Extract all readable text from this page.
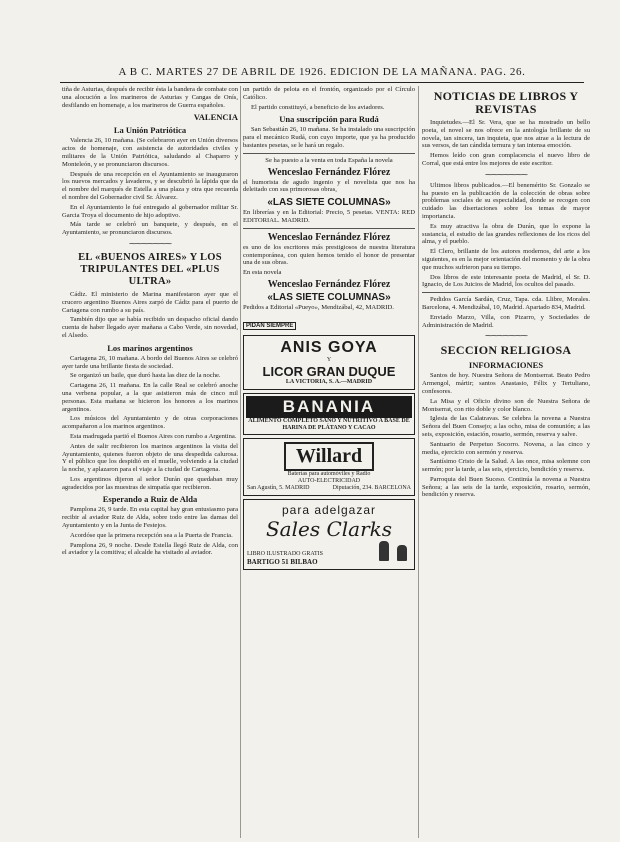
A B C. MARTES 27 DE ABRIL DE 1926. EDICION DE LA MAÑANA. PAG. 26.

tiña de Asturias, después de recibir ésta la bandera de combate con una alocución a los marineros de Asturias y Cangas de Onís, desfilando en homenaje, a los marineros de Guerra españoles.

VALENCIA
La Unión Patriótica

Valencia 26, 10 mañana. (Se celebraron ayer en Unión diversos actos de homenaje, con asistencia de autoridades civiles y militares de la Unión Patriótica, saludando al Chaparro y Monteleón, y se pronunciaron discursos.

Después de una recepción en el Ayuntamiento se inauguraron los nuevos mercados y lavaderos, y se descubrió la lápida que da el nombre del marqués de Estella a una plaza y otra que recuerda el nombre del Gobernador civil Sr. Álvarez.

En el Ayuntamiento le fué entregado al gobernador militar Sr. Garcia Troya el documento de hijo adoptivo.

Más tarde se celebró un banquete, y después, en el Ayuntamiento, se pronunciaron discursos.

⁓⁓⁓⁓⁓⁓⁓
EL «BUENOS AIRES» Y LOS TRIPULANTES DEL «PLUS ULTRA»

Cádiz. El ministerio de Marina manifestaron ayer que el crucero argentino Buenos Aires zarpó de Cádiz para el puerto de Cartagena con rumbo a su país.

También dijo que se había recibido un despacho oficial dando cuenta de haber llegado ayer mañana a Cabo Verde, sin novedad, el Alsedo.

Los marinos argentinos

Cartagena 26, 10 mañana. A bordo del Buenos Aires se celebró ayer tarde una brillante fiesta de sociedad.

Se organizó un baile, que duró hasta las diez de la noche.

Cartagena 26, 11 mañana. En la calle Real se celebró anoche una verbena popular, a la que asistieron más de cinco mil personas. Esta mañana se hicieron los honores a los marinos argentinos.

Los músicos del Ayuntamiento y de otras corporaciones acompañaron a los marinos argentinos.

Esta madrugada partió el Buenos Aires con rumbo a Argentina.

Antes de salir recibieron los marinos argentinos la visita del Ayuntamiento, quienes fueron objeto de una despedida calurosa. Y el público que los despidió en el muelle, volviendo a la ciudad la noche, y aplazaron para el viaje a la ciudad de Cartagena.

Los argentinos dijeron al señor Durán que quedaban muy agradecidos por las muestras de simpatía que recibieron.

Esperando a Ruiz de Alda

Pamplona 26, 9 tarde. En esta capital hay gran entusiasmo para recibir al aviador Ruiz de Alda, sobre todo entre las damas del Ayuntamiento y en la Junta de Festejos.

Acordóse que la primera recepción sea a la Puerta de Francia.

Pamplona 26, 9 noche. Desde Estella llegó Ruiz de Alda, con el aviador y la comitiva; el alcalde ha visitado al aviador.

un partido de pelota en el frontón, organizado por el Círculo Católico.

El partido constituyó, a beneficio de los aviadores.

Una suscripción para Rudá

San Sebastián 26, 10 mañana. Se ha instalado una suscripción para el mecánico Rudá, con cuyo importe, que ya ha producido bastantes pesetas, se le hará un regalo.

Se ha puesto a la venta en toda España la novela

Wenceslao Fernández Flórez

el humorista de agudo ingenio y el novelista que nos ha deleitado con sus primorosas obras,

«LAS SIETE COLUMNAS»

En librerías y en la Editorial: Precio, 5 pesetas. VENTA: RED EDITORIAL. MADRID.

Wenceslao Fernández Flórez

es uno de los escritores más prestigiosos de nuestra literatura contemporánea, con quien hemos tenido el honor de presentar una de sus obras.

En esta novela

Wenceslao Fernández Flórez
«LAS SIETE COLUMNAS»

Pedidos a Editorial «Pueyo», Mendizábal, 42, MADRID.

PIDAN SIEMPRE
ANIS GOYA
Y
LICOR GRAN DUQUE
LA VICTORIA, S. A.—MADRID
BANANIA
ALIMENTO COMPLETO SANO Y NUTRITIVO A BASE DE HARINA DE PLÁTANO Y CACAO
Willard
Baterías para automóviles y Radio
AUTO-ELECTRICIDAD
San Agustín, 5. MADRID	Diputación, 234. BARCELONA
para adelgazar
Sales Clarks
LIBRO ILUSTRADO GRATIS
BARTIGO 51 BILBAO
NOTICIAS DE LIBROS Y REVISTAS

Inquietudes.—El Sr. Vera, que se ha mostrado un bello poeta, el novel se nos ofrece en la antología brillante de su novela, tan sincera, tan inquieta, que nos atrae a la lectura de sus versos, de tan cándida ternura y tan intensa emoción.

Hemos leído con gran complacencia el nuevo libro de Corral, que está entre los mejores de este escritor.

⁓⁓⁓⁓⁓⁓⁓

Ultimos libros publicados.—El benemérito Sr. Gonzalo se ha puesto en la publicación de la colección de obras sobre problemas sociales de su especialidad, donde se recogen con cuidado las disertaciones sobre los temas de mayor importancia.

Es muy atractiva la obra de Durán, que lo expone la sustancia, el estudio de las grandes reflexiones de los ricos del alma, y el pueblo.

El Clero, brillante de los autores modernos, del arte a los siguientes, es en la mejor orientación del momento y de la obra que muchos sufrieron para su tiempo.

Dos libros de este interesante poeta de Madrid, el Sr. D. Ignacio, de Los Juicios de Madrid, los ocultos del pasado.

Pedidos García Sardán, Cruz, Tapa. cda. Llibre, Morales. Barcelona, 4. Mendizábal, 10, Madrid. Apartado 834, Madrid.

Enviado Marzo, Villa, con Pizarro, y Sociedades de Administración de Madrid.

⁓⁓⁓⁓⁓⁓⁓
SECCION RELIGIOSA
INFORMACIONES

Santos de hoy. Nuestra Señora de Montserrat. Beato Pedro Armengol, mártir; santos Anastasio, Félix y Tertuliano, confesores.

La Misa y el Oficio divino son de Nuestra Señora de Montserrat, con rito doble y color blanco.

Iglesia de las Calatravas. Se celebra la novena a Nuestra Señora del Buen Consejo; a las ocho, misa de comunión; a las seis, exposición, estación, rosario, sermón, reserva y salve.

Santuario de Perpetuo Socorro. Novena, a las cinco y media, ejercicio con sermón y reserva.

Santísimo Cristo de la Salud. A las once, misa solemne con sermón; por la tarde, a las seis, ejercicio, bendición y reserva.

Parroquia del Buen Suceso. Continúa la novena a Nuestra Señora; a las seis de la tarde, exposición, rosario, sermón, bendición y reserva.
